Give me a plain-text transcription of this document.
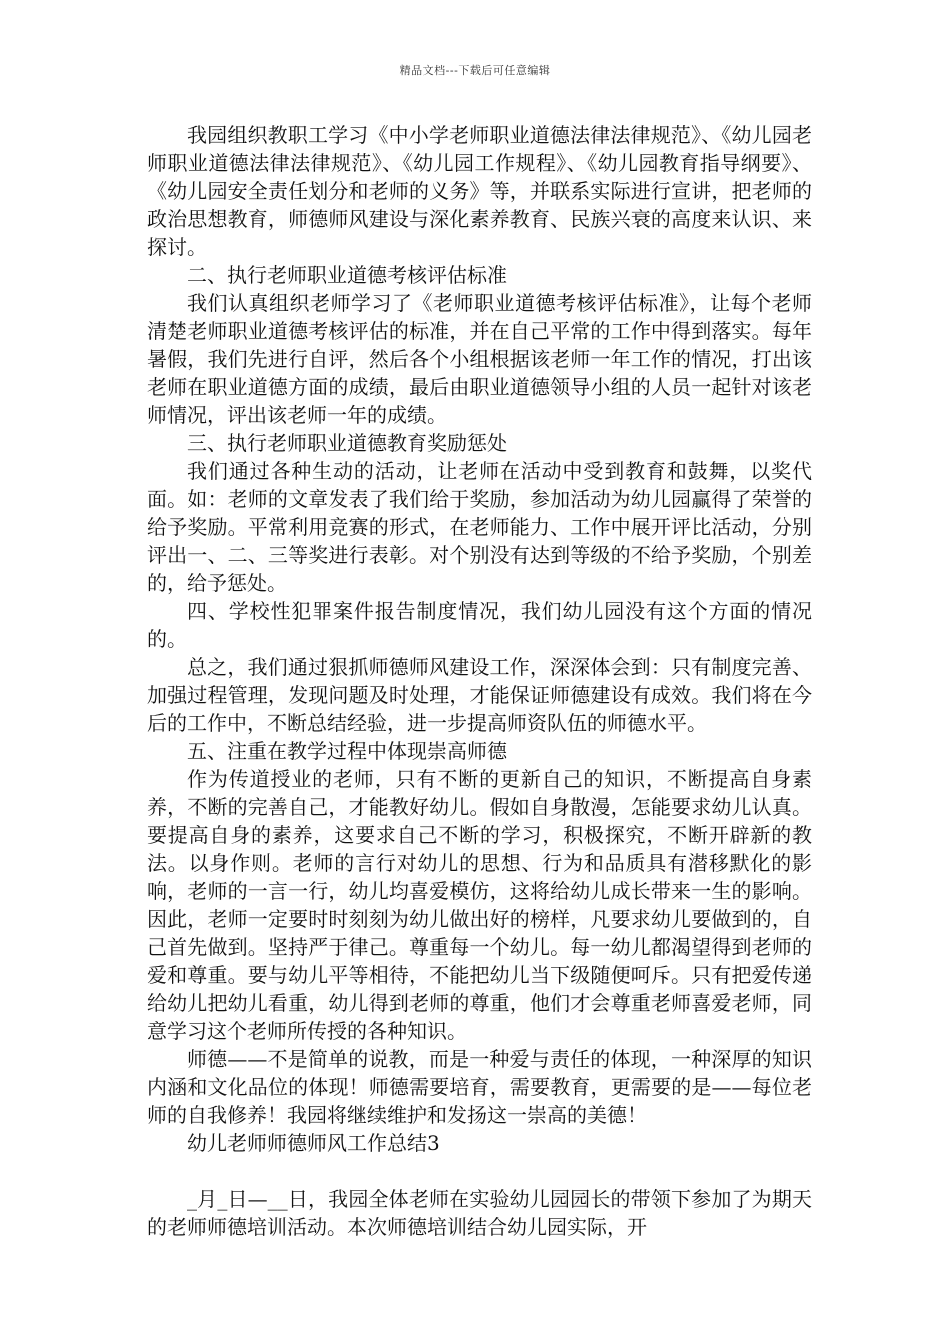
精品文档---下载后可任意编辑

我园组织教职工学习《中小学老师职业道德法律法律规范》、《幼儿园老师职业道德法律法律规范》、《幼儿园工作规程》、《幼儿园教育指导纲要》、《幼儿园安全责任划分和老师的义务》等，并联系实际进行宣讲，把老师的政治思想教育，师德师风建设与深化素养教育、民族兴衰的高度来认识、来探讨。

二、执行老师职业道德考核评估标准

我们认真组织老师学习了《老师职业道德考核评估标准》，让每个老师清楚老师职业道德考核评估的标准，并在自己平常的工作中得到落实。每年暑假，我们先进行自评，然后各个小组根据该老师一年工作的情况，打出该老师在职业道德方面的成绩，最后由职业道德领导小组的人员一起针对该老师情况，评出该老师一年的成绩。

三、执行老师职业道德教育奖励惩处

我们通过各种生动的活动，让老师在活动中受到教育和鼓舞，以奖代面。如：老师的文章发表了我们给于奖励，参加活动为幼儿园赢得了荣誉的给予奖励。平常利用竞赛的形式，在老师能力、工作中展开评比活动，分别评出一、二、三等奖进行表彰。对个别没有达到等级的不给予奖励，个别差的，给予惩处。

四、学校性犯罪案件报告制度情况，我们幼儿园没有这个方面的情况的。

总之，我们通过狠抓师德师风建设工作，深深体会到：只有制度完善、加强过程管理，发现问题及时处理，才能保证师德建设有成效。我们将在今后的工作中，不断总结经验，进一步提高师资队伍的师德水平。

五、注重在教学过程中体现崇高师德

作为传道授业的老师，只有不断的更新自己的知识，不断提高自身素养，不断的完善自己，才能教好幼儿。假如自身散漫，怎能要求幼儿认真。要提高自身的素养，这要求自己不断的学习，积极探究，不断开辟新的教法。以身作则。老师的言行对幼儿的思想、行为和品质具有潜移默化的影响，老师的一言一行，幼儿均喜爱模仿，这将给幼儿成长带来一生的影响。因此，老师一定要时时刻刻为幼儿做出好的榜样，凡要求幼儿要做到的，自己首先做到。坚持严于律己。尊重每一个幼儿。每一幼儿都渴望得到老师的爱和尊重。要与幼儿平等相待，不能把幼儿当下级随便呵斥。只有把爱传递给幼儿把幼儿看重，幼儿得到老师的尊重，他们才会尊重老师喜爱老师，同意学习这个老师所传授的各种知识。

师德——不是简单的说教，而是一种爱与责任的体现，一种深厚的知识内涵和文化品位的体现！师德需要培育，需要教育，更需要的是——每位老师的自我修养！我园将继续维护和发扬这一崇高的美德！

幼儿老师师德师风工作总结3

_月_日—__日，我园全体老师在实验幼儿园园长的带领下参加了为期天的老师师德培训活动。本次师德培训结合幼儿园实际，开
